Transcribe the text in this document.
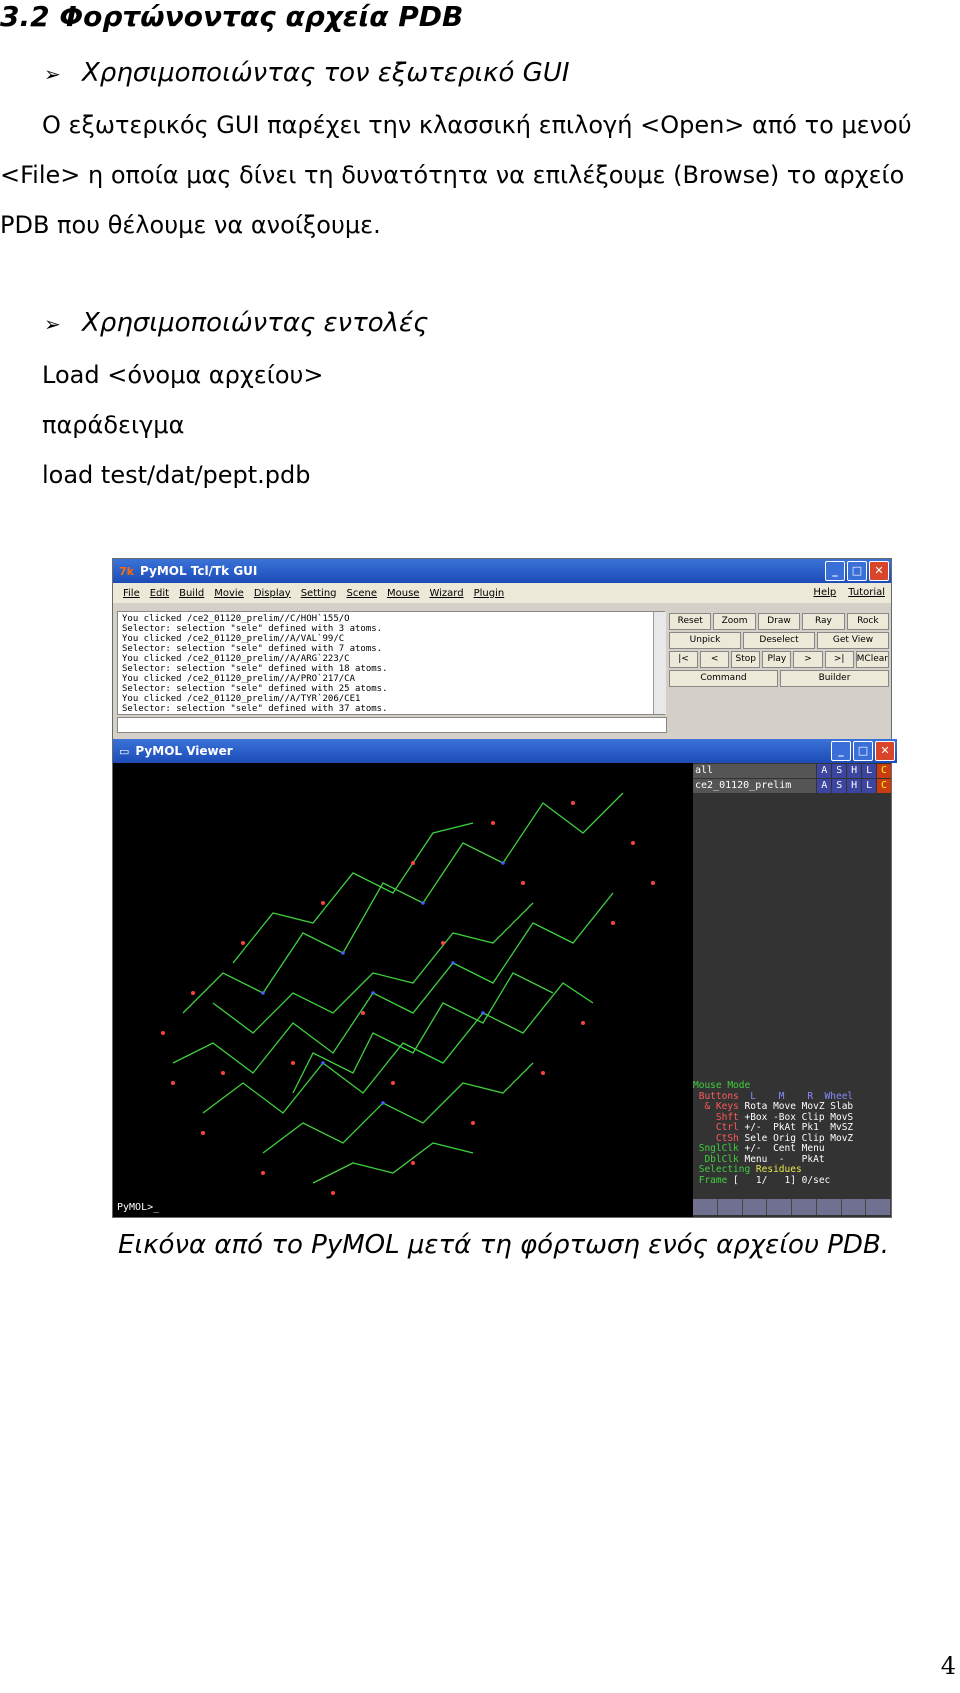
3.2 Φορτώνοντας αρχεία PDB
➢ Χρησιμοποιώντας τον εξωτερικό GUI
Ο εξωτερικός GUI παρέχει την κλασσική επιλογή <Open> από το μενού
<File> η οποία μας δίνει τη δυνατότητα να επιλέξουμε (Browse) το αρχείο
PDB που θέλουμε να ανοίξουμε.
➢ Χρησιμοποιώντας εντολές
Load <όνομα αρχείου>
παράδειγμα
load test/dat/pept.pdb
7k PyMOL Tcl/Tk GUI	_	□	✕
File Edit Build Movie Display Setting Scene Mouse Wizard Plugin	Help Tutorial
You clicked /ce2_01120_prelim//C/HOH`155/O
Selector: selection "sele" defined with 3 atoms.
You clicked /ce2_01120_prelim//A/VAL`99/C
Selector: selection "sele" defined with 7 atoms.
You clicked /ce2_01120_prelim//A/ARG`223/C
Selector: selection "sele" defined with 18 atoms.
You clicked /ce2_01120_prelim//A/PRO`217/CA
Selector: selection "sele" defined with 25 atoms.
You clicked /ce2_01120_prelim//A/TYR`206/CE1
Selector: selection "sele" defined with 37 atoms.
Reset	Zoom	Draw	Ray	Rock
Unpick	Deselect	Get View
|<	<	Stop	Play	>	>|	MClear
Command	Builder
▭ PyMOL Viewer	_	□	✕
PyMOL>_
all	A S H L C
ce2_01120_prelim	A S H L C
Mouse Mode
Buttons  L    M    R  Wheel
& Keys Rota Move MovZ Slab
Shft +Box -Box Clip MovS
Ctrl +/-  PkAt Pk1  MvSZ
CtSh Sele Orig Clip MovZ
SnglClk +/-  Cent Menu
DblClk Menu  -   PkAt
Selecting Residues
Frame [   1/   1] 0/sec
Εικόνα από το PyMOL μετά τη φόρτωση ενός αρχείου PDB.
4
